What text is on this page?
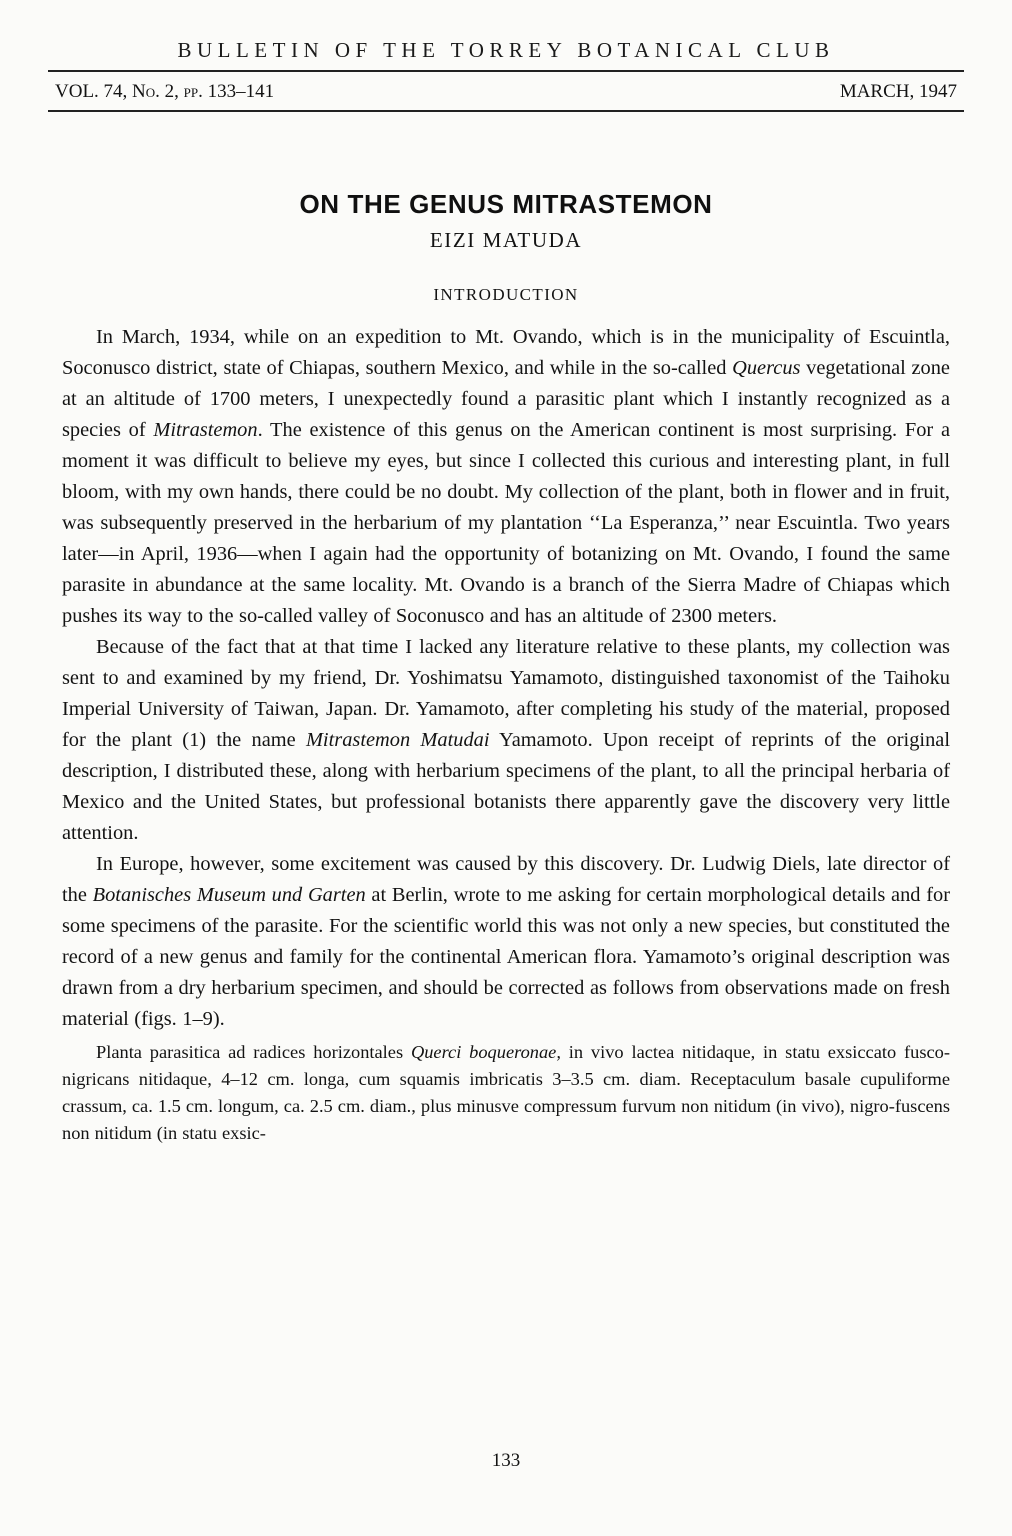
BULLETIN OF THE TORREY BOTANICAL CLUB
VOL. 74, No. 2, pp. 133–141	MARCH, 1947
ON THE GENUS MITRASTEMON
EIZI MATUDA
INTRODUCTION

In March, 1934, while on an expedition to Mt. Ovando, which is in the municipality of Escuintla, Soconusco district, state of Chiapas, southern Mexico, and while in the so-called Quercus vegetational zone at an altitude of 1700 meters, I unexpectedly found a parasitic plant which I instantly recognized as a species of Mitrastemon. The existence of this genus on the American continent is most surprising. For a moment it was difficult to believe my eyes, but since I collected this curious and interesting plant, in full bloom, with my own hands, there could be no doubt. My collection of the plant, both in flower and in fruit, was subsequently preserved in the herbarium of my plantation ‘‘La Esperanza,’’ near Escuintla. Two years later—in April, 1936—when I again had the opportunity of botanizing on Mt. Ovando, I found the same parasite in abundance at the same locality. Mt. Ovando is a branch of the Sierra Madre of Chiapas which pushes its way to the so-called valley of Soconusco and has an altitude of 2300 meters.

Because of the fact that at that time I lacked any literature relative to these plants, my collection was sent to and examined by my friend, Dr. Yoshimatsu Yamamoto, distinguished taxonomist of the Taihoku Imperial University of Taiwan, Japan. Dr. Yamamoto, after completing his study of the material, proposed for the plant (1) the name Mitrastemon Matudai Yamamoto. Upon receipt of reprints of the original description, I distributed these, along with herbarium specimens of the plant, to all the principal herbaria of Mexico and the United States, but professional botanists there apparently gave the discovery very little attention.

In Europe, however, some excitement was caused by this discovery. Dr. Ludwig Diels, late director of the Botanisches Museum und Garten at Berlin, wrote to me asking for certain morphological details and for some specimens of the parasite. For the scientific world this was not only a new species, but constituted the record of a new genus and family for the continental American flora. Yamamoto’s original description was drawn from a dry herbarium specimen, and should be corrected as follows from observations made on fresh material (figs. 1–9).

Planta parasitica ad radices horizontales Querci boqueronae, in vivo lactea nitidaque, in statu exsiccato fusco-nigricans nitidaque, 4–12 cm. longa, cum squamis imbricatis 3–3.5 cm. diam. Receptaculum basale cupuliforme crassum, ca. 1.5 cm. longum, ca. 2.5 cm. diam., plus minusve compressum furvum non nitidum (in vivo), nigro-fuscens non nitidum (in statu exsic-

133
